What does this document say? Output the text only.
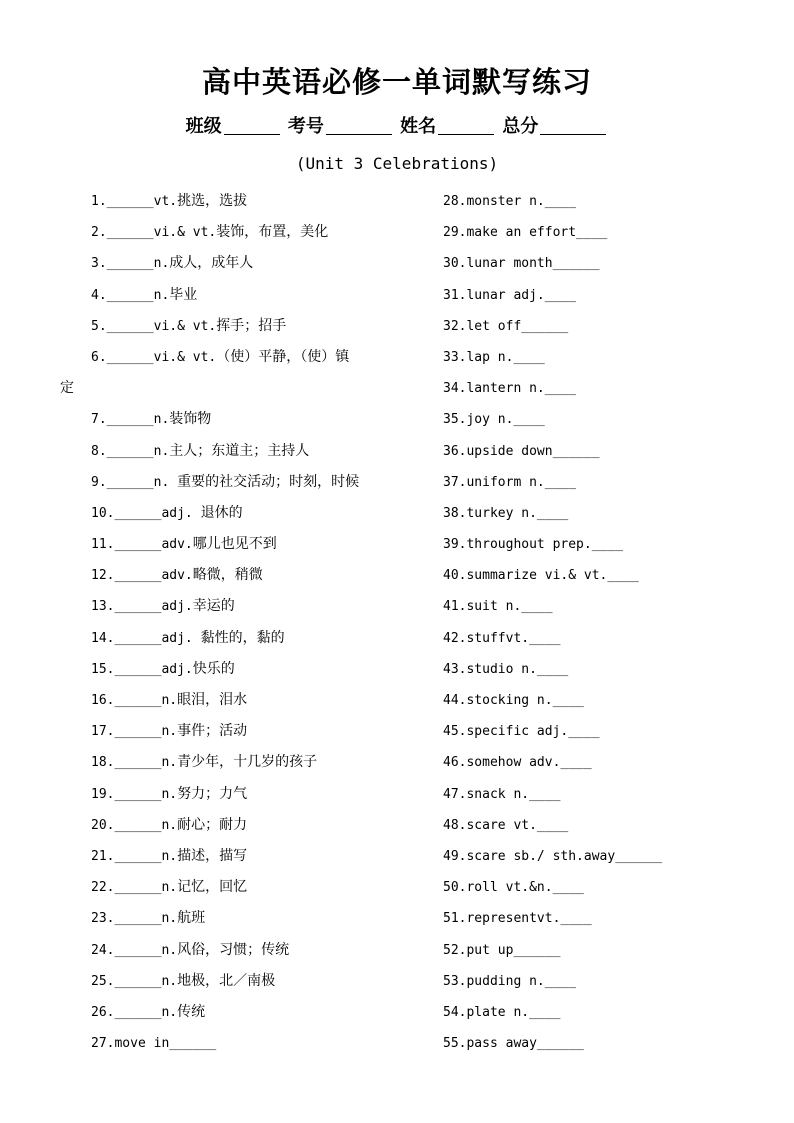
高中英语必修一单词默写练习
班级	考号	姓名	总分
(Unit 3 Celebrations)
1.______vt.挑选，选拔
2.______vi.& vt.装饰，布置，美化
3.______n.成人，成年人
4.______n.毕业
5.______vi.& vt.挥手；招手
6.______vi.& vt.（使）平静，（使）镇
定
7.______n.装饰物
8.______n.主人；东道主；主持人
9.______n. 重要的社交活动；时刻，时候
10.______adj. 退休的
11.______adv.哪儿也见不到
12.______adv.略微，稍微
13.______adj.幸运的
14.______adj. 黏性的，黏的
15.______adj.快乐的
16.______n.眼泪，泪水
17.______n.事件；活动
18.______n.青少年，十几岁的孩子
19.______n.努力；力气
20.______n.耐心；耐力
21.______n.描述，描写
22.______n.记忆，回忆
23.______n.航班
24.______n.风俗，习惯；传统
25.______n.地极，北／南极
26.______n.传统
27.move in______
28.monster n.____
29.make an effort____
30.lunar month______
31.lunar adj.____
32.let off______
33.lap n.____
34.lantern n.____
35.joy n.____
36.upside down______
37.uniform n.____
38.turkey n.____
39.throughout prep.____
40.summarize vi.& vt.____
41.suit n.____
42.stuffvt.____
43.studio n.____
44.stocking n.____
45.specific adj.____
46.somehow adv.____
47.snack n.____
48.scare vt.____
49.scare sb./ sth.away______
50.roll vt.&n.____
51.representvt.____
52.put up______
53.pudding n.____
54.plate n.____
55.pass away______
